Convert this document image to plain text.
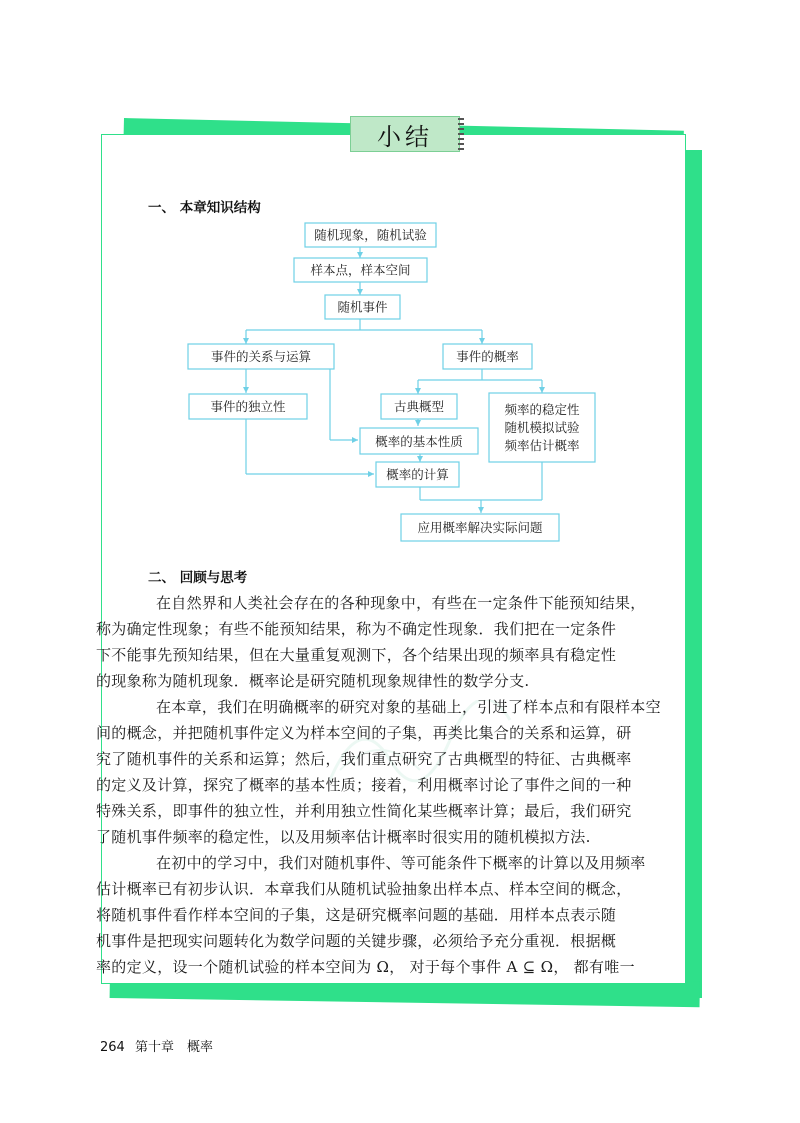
小结
一、 本章知识结构
随机现象，随机试验
样本点，样本空间
随机事件
事件的关系与运算	事件的概率
事件的独立性	古典概型	频率的稳定性
随机模拟试验
频率估计概率
概率的基本性质
概率的计算
应用概率解决实际问题
二、 回顾与思考

在自然界和人类社会存在的各种现象中，有些在一定条件下能预知结果，
称为确定性现象；有些不能预知结果，称为不确定性现象．我们把在一定条件
下不能事先预知结果，但在大量重复观测下，各个结果出现的频率具有稳定性
的现象称为随机现象．概率论是研究随机现象规律性的数学分支.

在本章，我们在明确概率的研究对象的基础上，引进了样本点和有限样本空
间的概念，并把随机事件定义为样本空间的子集，再类比集合的关系和运算，研
究了随机事件的关系和运算；然后，我们重点研究了古典概型的特征、古典概率
的定义及计算，探究了概率的基本性质；接着，利用概率讨论了事件之间的一种
特殊关系，即事件的独立性，并利用独立性简化某些概率计算；最后，我们研究
了随机事件频率的稳定性，以及用频率估计概率时很实用的随机模拟方法.

在初中的学习中，我们对随机事件、等可能条件下概率的计算以及用频率
估计概率已有初步认识．本章我们从随机试验抽象出样本点、样本空间的概念，
将随机事件看作样本空间的子集，这是研究概率问题的基础．用样本点表示随
机事件是把现实问题转化为数学问题的关键步骤，必须给予充分重视．根据概
率的定义，设一个随机试验的样本空间为 Ω， 对于每个事件 A ⊆ Ω， 都有唯一

264 第十章　概率
